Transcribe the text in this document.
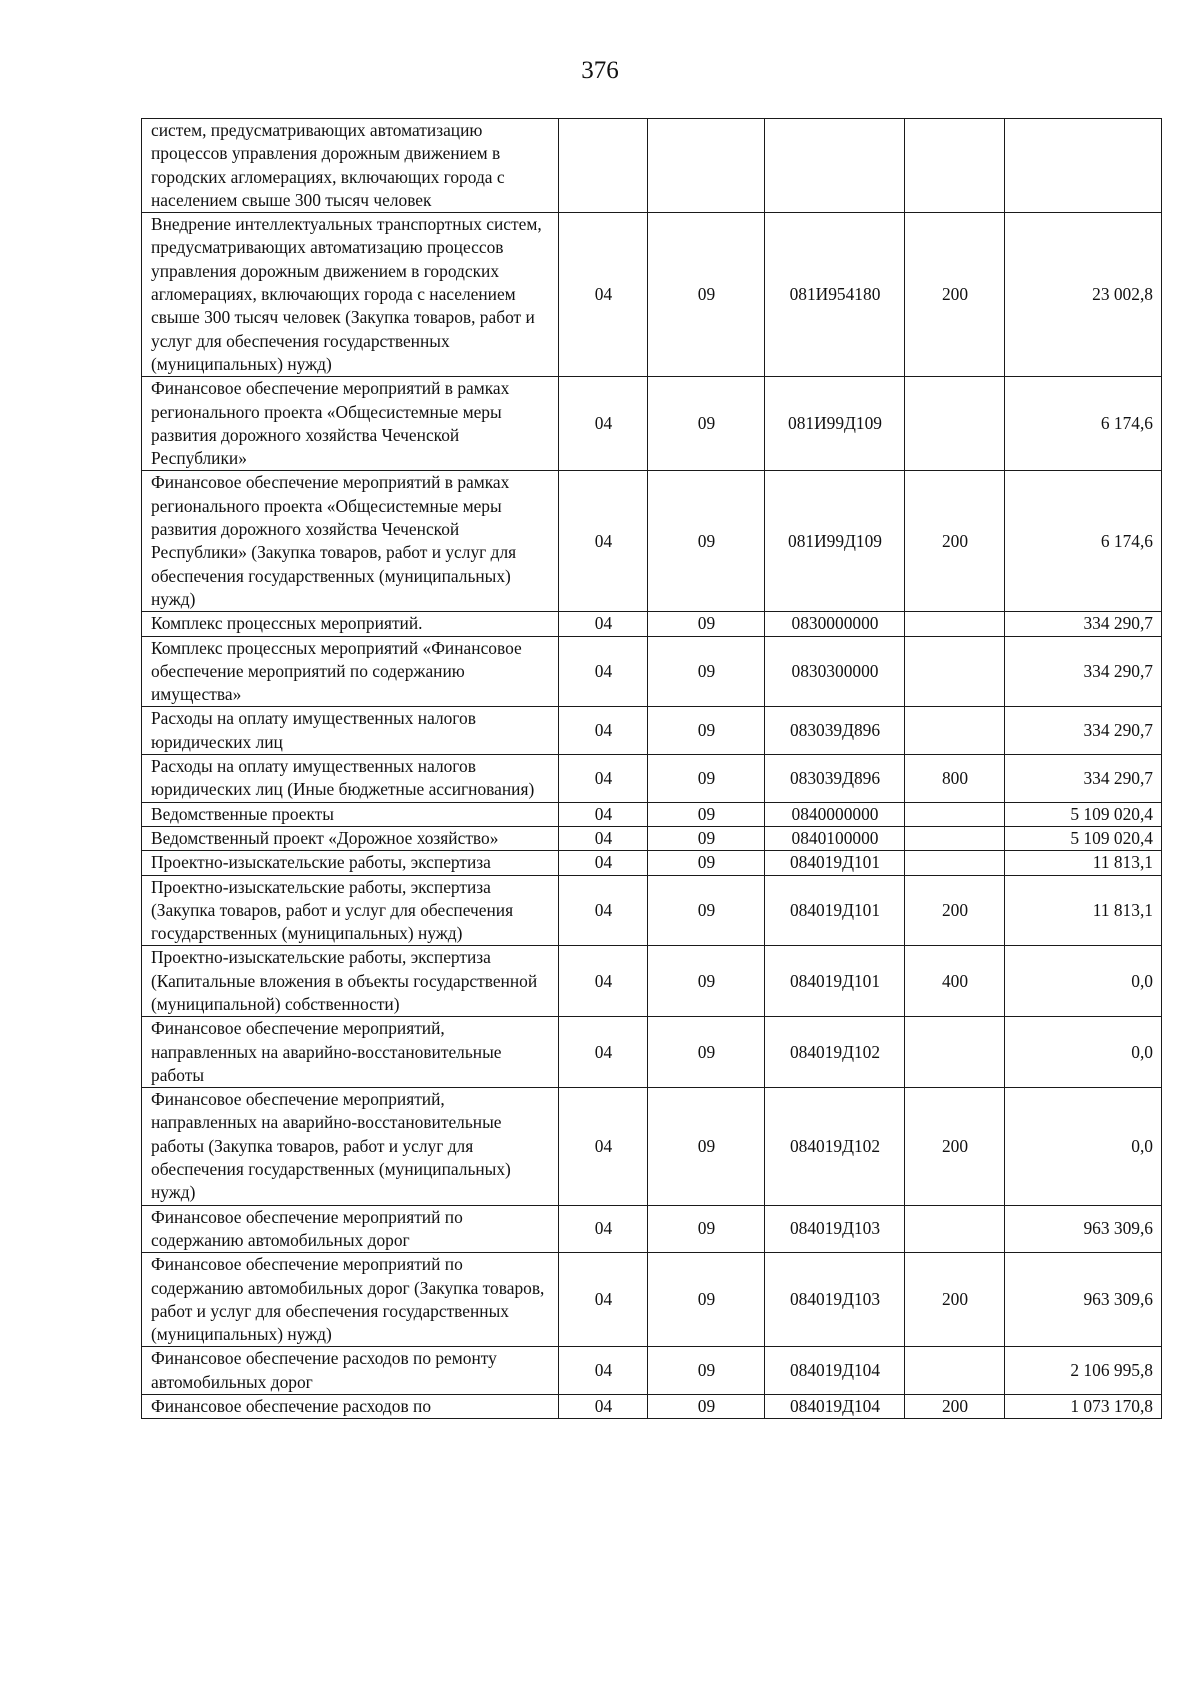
376
систем, предусматривающих автоматизацию процессов управления дорожным движением в городских агломерациях, включающих города с населением свыше 300 тысяч человек					
Внедрение интеллектуальных транспортных систем, предусматривающих автоматизацию процессов управления дорожным движением в городских агломерациях, включающих города с населением свыше 300 тысяч человек (Закупка товаров, работ и услуг для обеспечения государственных (муниципальных) нужд)	04	09	081И954180	200	23 002,8
Финансовое обеспечение мероприятий в рамках регионального проекта «Общесистемные меры развития дорожного хозяйства Чеченской Республики»	04	09	081И99Д109		6 174,6
Финансовое обеспечение мероприятий в рамках регионального проекта «Общесистемные меры развития дорожного хозяйства Чеченской Республики» (Закупка товаров, работ и услуг для обеспечения государственных (муниципальных) нужд)	04	09	081И99Д109	200	6 174,6
Комплекс процессных мероприятий.	04	09	0830000000		334 290,7
Комплекс процессных мероприятий «Финансовое обеспечение мероприятий по содержанию имущества»	04	09	0830300000		334 290,7
Расходы на оплату имущественных налогов юридических лиц	04	09	083039Д896		334 290,7
Расходы на оплату имущественных налогов юридических лиц (Иные бюджетные ассигнования)	04	09	083039Д896	800	334 290,7
Ведомственные проекты	04	09	0840000000		5 109 020,4
Ведомственный проект «Дорожное хозяйство»	04	09	0840100000		5 109 020,4
Проектно-изыскательские работы, экспертиза	04	09	084019Д101		11 813,1
Проектно-изыскательские работы, экспертиза (Закупка товаров, работ и услуг для обеспечения государственных (муниципальных) нужд)	04	09	084019Д101	200	11 813,1
Проектно-изыскательские работы, экспертиза (Капитальные вложения в объекты государственной (муниципальной) собственности)	04	09	084019Д101	400	0,0
Финансовое обеспечение мероприятий, направленных на аварийно-восстановительные работы	04	09	084019Д102		0,0
Финансовое обеспечение мероприятий, направленных на аварийно-восстановительные работы (Закупка товаров, работ и услуг для обеспечения государственных (муниципальных) нужд)	04	09	084019Д102	200	0,0
Финансовое обеспечение мероприятий по содержанию автомобильных дорог	04	09	084019Д103		963 309,6
Финансовое обеспечение мероприятий по содержанию автомобильных дорог (Закупка товаров, работ и услуг для обеспечения государственных (муниципальных) нужд)	04	09	084019Д103	200	963 309,6
Финансовое обеспечение расходов по ремонту автомобильных дорог	04	09	084019Д104		2 106 995,8
Финансовое обеспечение расходов по	04	09	084019Д104	200	1 073 170,8
